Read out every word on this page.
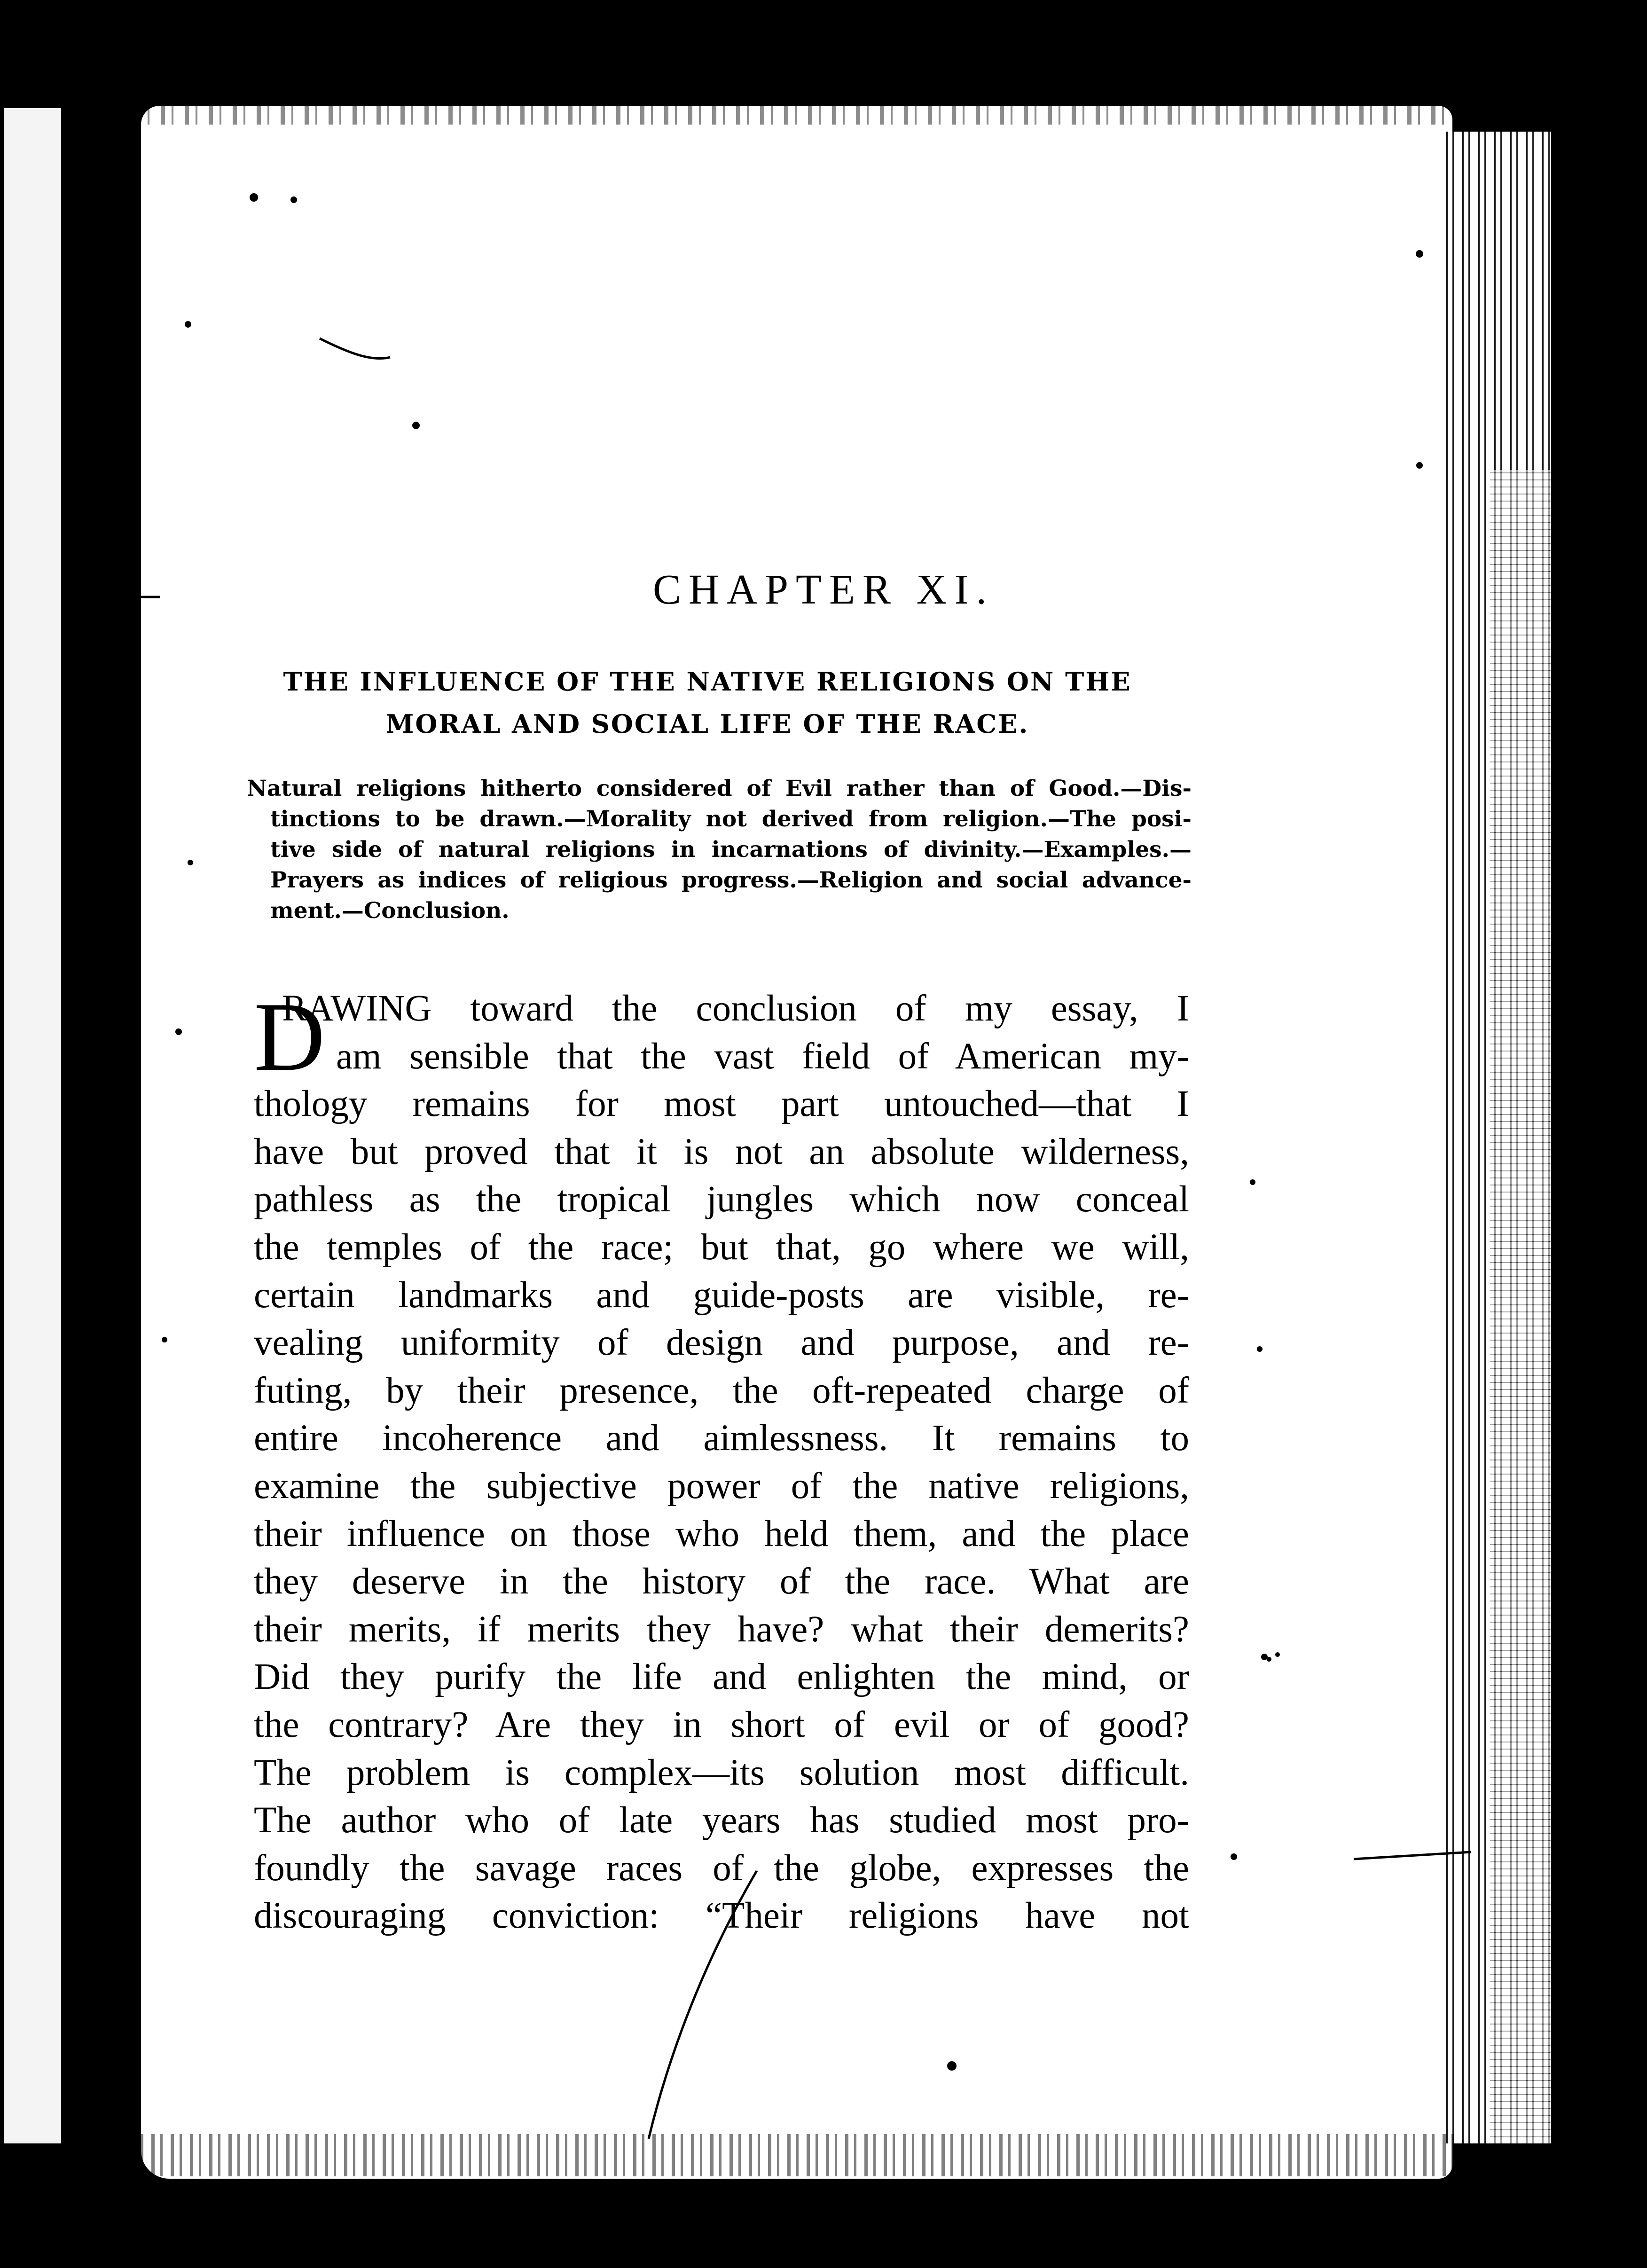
CHAPTER XI.
THE INFLUENCE OF THE NATIVE RELIGIONS ON THE
MORAL AND SOCIAL LIFE OF THE RACE.
Natural religions hitherto considered of Evil rather than of Good.—Dis-
tinctions to be drawn.—Morality not derived from religion.—The posi-
tive side of natural religions in incarnations of divinity.—Examples.—
Prayers as indices of religious progress.—Religion and social advance-
ment.—Conclusion.
D
RAWING toward the conclusion of my essay, I
am sensible that the vast field of American my-
thology remains for most part untouched—that I
have but proved that it is not an absolute wilderness,
pathless as the tropical jungles which now conceal
the temples of the race; but that, go where we will,
certain landmarks and guide-posts are visible, re-
vealing uniformity of design and purpose, and re-
futing, by their presence, the oft-repeated charge of
entire incoherence and aimlessness. It remains to
examine the subjective power of the native religions,
their influence on those who held them, and the place
they deserve in the history of the race. What are
their merits, if merits they have? what their demerits?
Did they purify the life and enlighten the mind, or
the contrary? Are they in short of evil or of good?
The problem is complex—its solution most difficult.
The author who of late years has studied most pro-
foundly the savage races of the globe, expresses the
discouraging conviction: “Their religions have not
